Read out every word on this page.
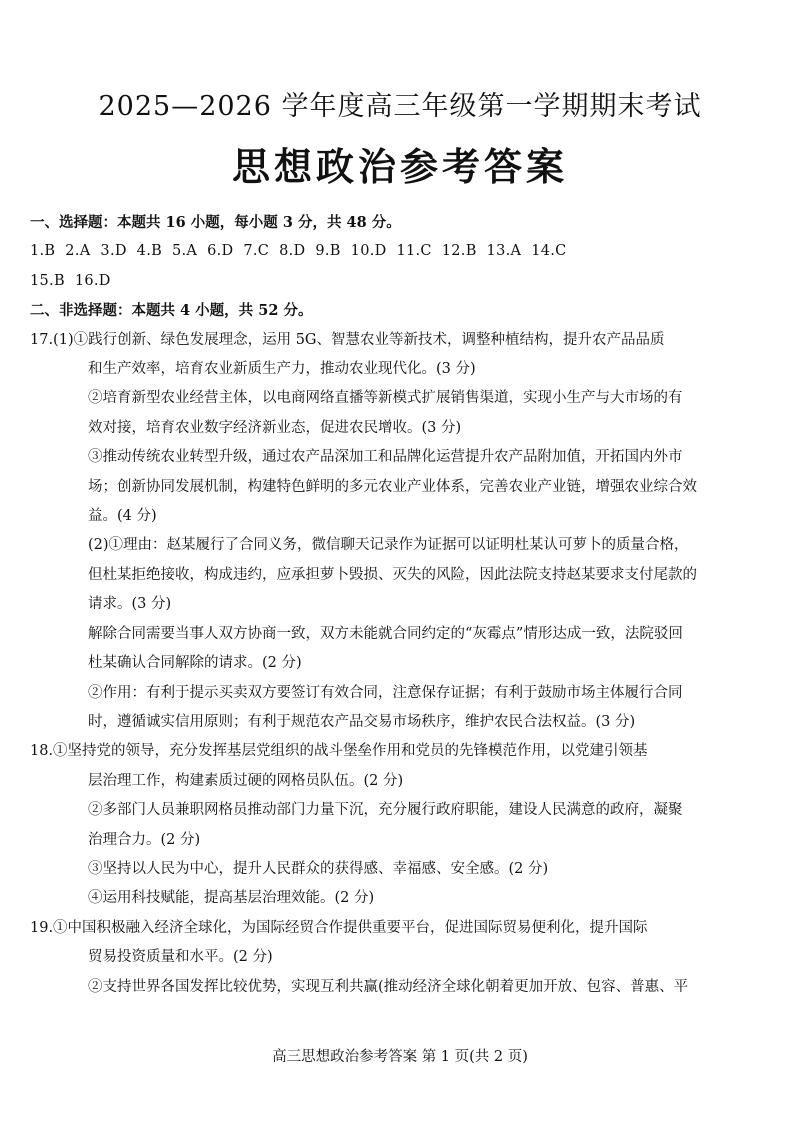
2025—2026 学年度高三年级第一学期期末考试
思想政治参考答案
一、选择题：本题共 16 小题，每小题 3 分，共 48 分。
1.B 2.A 3.D 4.B 5.A 6.D 7.C 8.D 9.B 10.D 11.C 12.B 13.A 14.C
15.B 16.D
二、非选择题：本题共 4 小题，共 52 分。
17.(1)①践行创新、绿色发展理念，运用 5G、智慧农业等新技术，调整种植结构，提升农产品品质
和生产效率，培育农业新质生产力，推动农业现代化。(3 分)
②培育新型农业经营主体，以电商网络直播等新模式扩展销售渠道，实现小生产与大市场的有
效对接，培育农业数字经济新业态，促进农民增收。(3 分)
③推动传统农业转型升级，通过农产品深加工和品牌化运营提升农产品附加值，开拓国内外市
场；创新协同发展机制，构建特色鲜明的多元农业产业体系，完善农业产业链，增强农业综合效
益。(4 分)
(2)①理由：赵某履行了合同义务，微信聊天记录作为证据可以证明杜某认可萝卜的质量合格，
但杜某拒绝接收，构成违约，应承担萝卜毁损、灭失的风险，因此法院支持赵某要求支付尾款的
请求。(3 分)
解除合同需要当事人双方协商一致，双方未能就合同约定的“灰霉点”情形达成一致，法院驳回
杜某确认合同解除的请求。(2 分)
②作用：有利于提示买卖双方要签订有效合同，注意保存证据；有利于鼓励市场主体履行合同
时，遵循诚实信用原则；有利于规范农产品交易市场秩序，维护农民合法权益。(3 分)
18.①坚持党的领导，充分发挥基层党组织的战斗堡垒作用和党员的先锋模范作用，以党建引领基
层治理工作，构建素质过硬的网格员队伍。(2 分)
②多部门人员兼职网格员推动部门力量下沉，充分履行政府职能，建设人民满意的政府，凝聚
治理合力。(2 分)
③坚持以人民为中心，提升人民群众的获得感、幸福感、安全感。(2 分)
④运用科技赋能，提高基层治理效能。(2 分)
19.①中国积极融入经济全球化，为国际经贸合作提供重要平台，促进国际贸易便利化，提升国际
贸易投资质量和水平。(2 分)
②支持世界各国发挥比较优势，实现互利共赢(推动经济全球化朝着更加开放、包容、普惠、平
高三思想政治参考答案 第 1 页(共 2 页)
